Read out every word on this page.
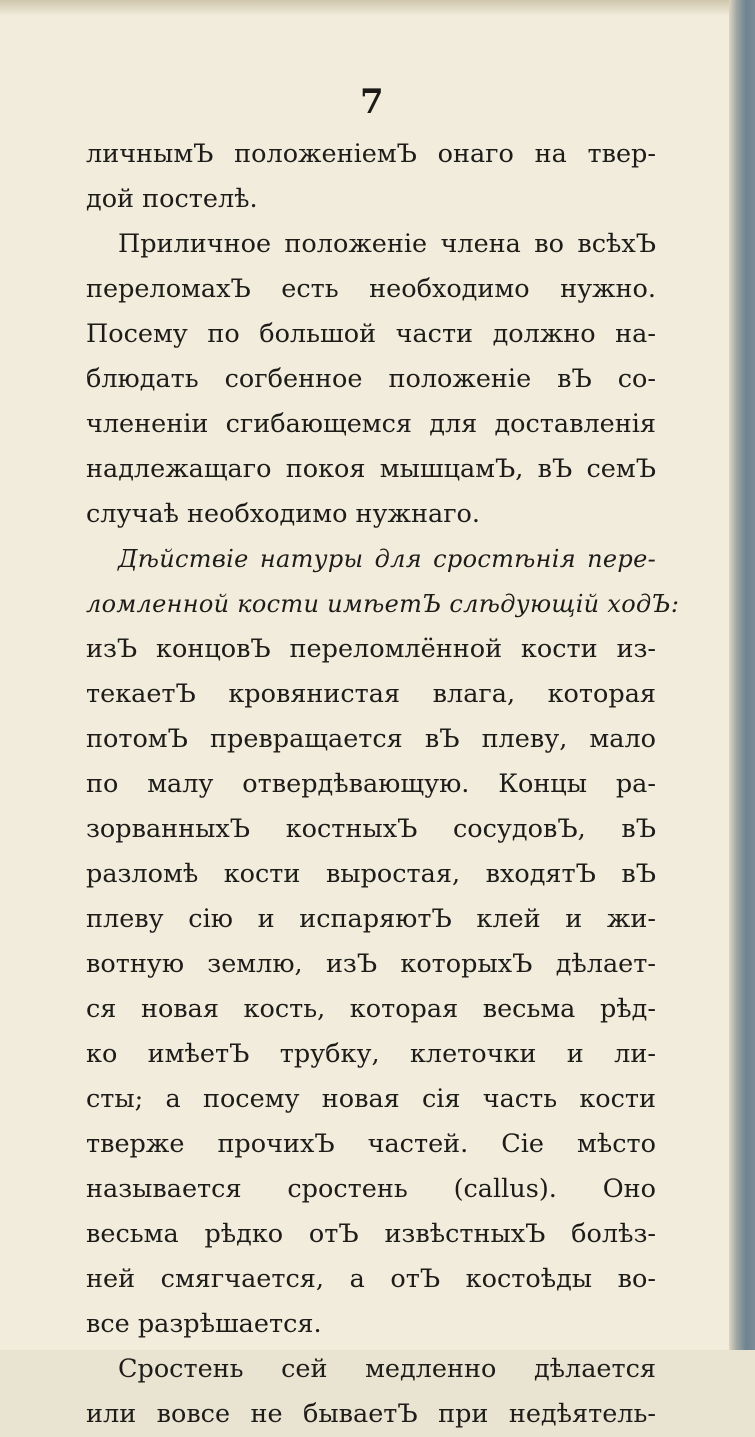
7
личнымЪ положенiемЪ онаго на твер-
дой постелѣ.
Приличное положенiе члена во всѣхЪ
переломахЪ есть необходимо нужно.
Посему по большой части должно на-
блюдать согбенное положенiе вЪ со-
члененiи сгибающемся для доставленiя
надлежащаго покоя мышцамЪ, вЪ семЪ
случаѣ необходимо нужнаго.
Дѣйствiе натуры для сростѣнiя пере-
ломленной кости имѣетЪ слѣдующiй ходЪ:
изЪ концовЪ переломлённой кости из-
текаетЪ кровянистая влага, которая
потомЪ превращается вЪ плеву, мало
по малу отвердѣвающую. Концы ра-
зорванныхЪ костныхЪ сосудовЪ, вЪ
разломѣ кости выростая, входятЪ вЪ
плеву сiю и испаряютЪ клей и жи-
вотную землю, изЪ которыхЪ дѣлает-
ся новая кость, которая весьма рѣд-
ко имѣетЪ трубку, клеточки и ли-
сты; а посему новая сiя часть кости
тверже прочихЪ частей. Сiе мѣсто
называется сростень (callus). Оно
весьма рѣдко отЪ извѣстныхЪ болѣз-
ней смягчается, а отЪ костоѣды во-
все разрѣшается.
Сростень сей медленно дѣлается
или вовсе не бываетЪ при недѣятель-
